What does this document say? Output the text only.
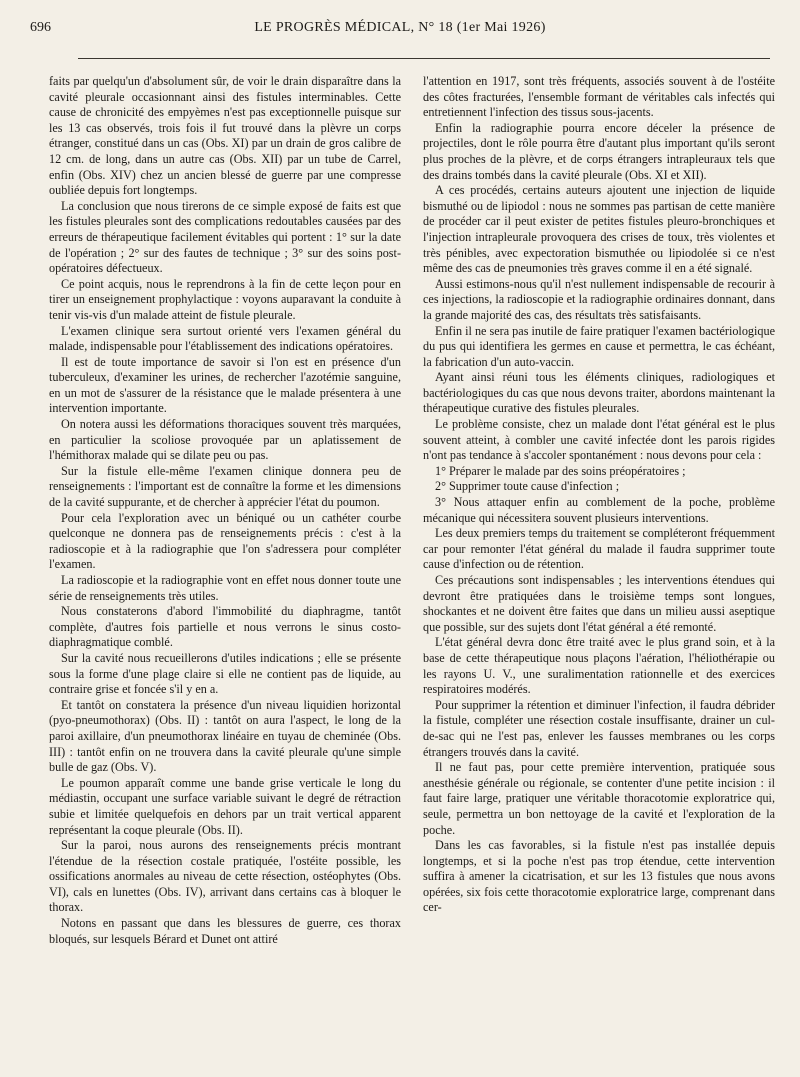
696	LE PROGRÈS MÉDICAL, N° 18 (1er Mai 1926)

faits par quelqu'un d'absolument sûr, de voir le drain disparaître dans la cavité pleurale occasionnant ainsi des fistules interminables. Cette cause de chronicité des empyèmes n'est pas exceptionnelle puisque sur les 13 cas observés, trois fois il fut trouvé dans la plèvre un corps étranger, constitué dans un cas (Obs. XI) par un drain de gros calibre de 12 cm. de long, dans un autre cas (Obs. XII) par un tube de Carrel, enfin (Obs. XIV) chez un ancien blessé de guerre par une compresse oubliée depuis fort longtemps.

La conclusion que nous tirerons de ce simple exposé de faits est que les fistules pleurales sont des complications redoutables causées par des erreurs de thérapeutique facilement évitables qui portent : 1° sur la date de l'opération ; 2° sur des fautes de technique ; 3° sur des soins post-opératoires défectueux.

Ce point acquis, nous le reprendrons à la fin de cette leçon pour en tirer un enseignement prophylactique : voyons auparavant la conduite à tenir vis-vis d'un malade atteint de fistule pleurale.

L'examen clinique sera surtout orienté vers l'examen général du malade, indispensable pour l'établissement des indications opératoires.

Il est de toute importance de savoir si l'on est en présence d'un tuberculeux, d'examiner les urines, de rechercher l'azotémie sanguine, en un mot de s'assurer de la résistance que le malade présentera à une intervention importante.

On notera aussi les déformations thoraciques souvent très marquées, en particulier la scoliose provoquée par un aplatissement de l'hémithorax malade qui se dilate peu ou pas.

Sur la fistule elle-même l'examen clinique donnera peu de renseignements : l'important est de connaître la forme et les dimensions de la cavité suppurante, et de chercher à apprécier l'état du poumon.

Pour cela l'exploration avec un béniqué ou un cathéter courbe quelconque ne donnera pas de renseignements précis : c'est à la radioscopie et à la radiographie que l'on s'adressera pour compléter l'examen.

La radioscopie et la radiographie vont en effet nous donner toute une série de renseignements très utiles.

Nous constaterons d'abord l'immobilité du diaphragme, tantôt complète, d'autres fois partielle et nous verrons le sinus costo-diaphragmatique comblé.

Sur la cavité nous recueillerons d'utiles indications ; elle se présente sous la forme d'une plage claire si elle ne contient pas de liquide, au contraire grise et foncée s'il y en a.

Et tantôt on constatera la présence d'un niveau liquidien horizontal (pyo-pneumothorax) (Obs. II) : tantôt on aura l'aspect, le long de la paroi axillaire, d'un pneumothorax linéaire en tuyau de cheminée (Obs. III) : tantôt enfin on ne trouvera dans la cavité pleurale qu'une simple bulle de gaz (Obs. V).

Le poumon apparaît comme une bande grise verticale le long du médiastin, occupant une surface variable suivant le degré de rétraction subie et limitée quelquefois en dehors par un trait vertical apparent représentant la coque pleurale (Obs. II).

Sur la paroi, nous aurons des renseignements précis montrant l'étendue de la résection costale pratiquée, l'ostéite possible, les ossifications anormales au niveau de cette résection, ostéophytes (Obs. VI), cals en lunettes (Obs. IV), arrivant dans certains cas à bloquer le thorax.

Notons en passant que dans les blessures de guerre, ces thorax bloqués, sur lesquels Bérard et Dunet ont attiré

l'attention en 1917, sont très fréquents, associés souvent à de l'ostéite des côtes fracturées, l'ensemble formant de véritables cals infectés qui entretiennent l'infection des tissus sous-jacents.

Enfin la radiographie pourra encore déceler la présence de projectiles, dont le rôle pourra être d'autant plus important qu'ils seront plus proches de la plèvre, et de corps étrangers intrapleuraux tels que des drains tombés dans la cavité pleurale (Obs. XI et XII).

A ces procédés, certains auteurs ajoutent une injection de liquide bismuthé ou de lipiodol : nous ne sommes pas partisan de cette manière de procéder car il peut exister de petites fistules pleuro-bronchiques et l'injection intrapleurale provoquera des crises de toux, très violentes et très pénibles, avec expectoration bismuthée ou lipiodolée si ce n'est même des cas de pneumonies très graves comme il en a été signalé.

Aussi estimons-nous qu'il n'est nullement indispensable de recourir à ces injections, la radioscopie et la radiographie ordinaires donnant, dans la grande majorité des cas, des résultats très satisfaisants.

Enfin il ne sera pas inutile de faire pratiquer l'examen bactériologique du pus qui identifiera les germes en cause et permettra, le cas échéant, la fabrication d'un auto-vaccin.

Ayant ainsi réuni tous les éléments cliniques, radiologiques et bactériologiques du cas que nous devons traiter, abordons maintenant la thérapeutique curative des fistules pleurales.

Le problème consiste, chez un malade dont l'état général est le plus souvent atteint, à combler une cavité infectée dont les parois rigides n'ont pas tendance à s'accoler spontanément : nous devons pour cela :

1° Préparer le malade par des soins préopératoires ;

2° Supprimer toute cause d'infection ;

3° Nous attaquer enfin au comblement de la poche, problème mécanique qui nécessitera souvent plusieurs interventions.

Les deux premiers temps du traitement se compléteront fréquemment car pour remonter l'état général du malade il faudra supprimer toute cause d'infection ou de rétention.

Ces précautions sont indispensables ; les interventions étendues qui devront être pratiquées dans le troisième temps sont longues, shockantes et ne doivent être faites que dans un milieu aussi aseptique que possible, sur des sujets dont l'état général a été remonté.

L'état général devra donc être traité avec le plus grand soin, et à la base de cette thérapeutique nous plaçons l'aération, l'héliothérapie ou les rayons U. V., une suralimentation rationnelle et des exercices respiratoires modérés.

Pour supprimer la rétention et diminuer l'infection, il faudra débrider la fistule, compléter une résection costale insuffisante, drainer un cul-de-sac qui ne l'est pas, enlever les fausses membranes ou les corps étrangers trouvés dans la cavité.

Il ne faut pas, pour cette première intervention, pratiquée sous anesthésie générale ou régionale, se contenter d'une petite incision : il faut faire large, pratiquer une véritable thoracotomie exploratrice qui, seule, permettra un bon nettoyage de la cavité et l'exploration de la poche.

Dans les cas favorables, si la fistule n'est pas installée depuis longtemps, et si la poche n'est pas trop étendue, cette intervention suffira à amener la cicatrisation, et sur les 13 fistules que nous avons opérées, six fois cette thoracotomie exploratrice large, comprenant dans cer-
